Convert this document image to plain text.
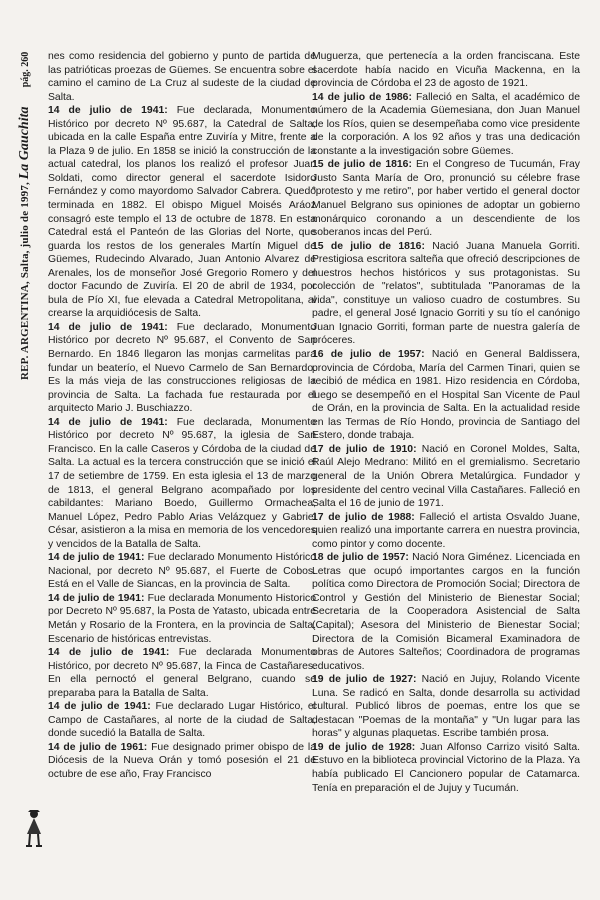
REP. ARGENTINA, Salta, julio de 1997, La Gauchita       pág. 260	nes como residencia del gobierno y punto de partida de las patrióticas proezas de Güemes. Se encuentra sobre el camino el camino de La Cruz al sudeste de la ciudad de Salta.

14 de julio de 1941: Fue declarada, Monumento Histórico por decreto Nº 95.687, la Catedral de Salta, ubicada en la calle España entre Zuviría y Mitre, frente a la Plaza 9 de julio. En 1858 se inició la construcción de la actual catedral, los planos los realizó el profesor Juan Soldati, como director general el sacerdote Isidoro Fernández y como mayordomo Salvador Cabrera. Quedó terminada en 1882. El obispo Miguel Moisés Aráoz consagró este templo el 13 de octubre de 1878. En esta Catedral está el Panteón de las Glorias del Norte, que guarda los restos de los generales Martín Miguel de Güemes, Rudecindo Alvarado, Juan Antonio Alvarez de Arenales, los de monseñor José Gregorio Romero y del doctor Facundo de Zuviría. El 20 de abril de 1934, por bula de Pío XI, fue elevada a Catedral Metropolitana, al crearse la arquidiócesis de Salta.

14 de julio de 1941: Fue declarado, Monumento Histórico por decreto Nº 95.687, el Convento de San Bernardo. En 1846 llegaron las monjas carmelitas para fundar un beaterío, el Nuevo Carmelo de San Bernardo. Es la más vieja de las construcciones religiosas de la provincia de Salta. La fachada fue restaurada por el arquitecto Mario J. Buschiazzo.

14 de julio de 1941: Fue declarada, Monumento Histórico por decreto Nº 95.687, la iglesia de San Francisco. En la calle Caseros y Córdoba de la ciudad de Salta. La actual es la tercera construcción que se inició el 17 de setiembre de 1759. En esta iglesia el 13 de marzo de 1813, el general Belgrano acompañado por los cabildantes: Mariano Boedo, Guillermo Ormachea, Manuel López, Pedro Pablo Arias Velázquez y Gabriel César, asistieron a la misa en memoria de los vencedores y vencidos de la Batalla de Salta.

14 de julio de 1941: Fue declarado Monumento Histórico Nacional, por decreto Nº 95.687, el Fuerte de Cobos. Está en el Valle de Siancas, en la provincia de Salta.

14 de julio de 1941: Fue declarada Monumento Historico por Decreto Nº 95.687, la Posta de Yatasto, ubicada entre Metán y Rosario de la Frontera, en la provincia de Salta. Escenario de históricas entrevistas.

14 de julio de 1941: Fue declarada Monumento Histórico, por decreto Nº 95.687, la Finca de Castañares. En ella pernoctó el general Belgrano, cuando se preparaba para la Batalla de Salta.

14 de julio de 1941: Fue declarado Lugar Histórico, el Campo de Castañares, al norte de la ciudad de Salta, donde sucedió la Batalla de Salta.

14 de julio de 1961: Fue designado primer obispo de la Diócesis de la Nueva Orán y tomó posesión el 21 de octubre de ese año, Fray Francisco

Muguerza, que pertenecía a la orden franciscana. Este sacerdote había nacido en Vicuña Mackenna, en la provincia de Córdoba el 23 de agosto de 1921.

14 de julio de 1986: Falleció en Salta, el académico de número de la Academia Güemesiana, don Juan Manuel de los Ríos, quien se desempeñaba como vice presidente de la corporación. A los 92 años y tras una dedicación constante a la investigación sobre Güemes.

15 de julio de 1816: En el Congreso de Tucumán, Fray Justo Santa María de Oro, pronunció su célebre frase "protesto y me retiro", por haber vertido el general doctor Manuel Belgrano sus opiniones de adoptar un gobierno monárquico coronando a un descendiente de los soberanos incas del Perú.

15 de julio de 1816: Nació Juana Manuela Gorriti. Prestigiosa escritora salteña que ofreció descripciones de nuestros hechos históricos y sus protagonistas. Su colección de "relatos", subtitulada "Panoramas de la vida", constituye un valioso cuadro de costumbres. Su padre, el general José Ignacio Gorriti y su tío el canónigo Juan Ignacio Gorriti, forman parte de nuestra galería de próceres.

16 de julio de 1957: Nació en General Baldissera, provincia de Córdoba, María del Carmen Tinari, quien se recibió de médica en 1981. Hizo residencia en Córdoba, luego se desempeñó en el Hospital San Vicente de Paul de Orán, en la provincia de Salta. En la actualidad reside en las Termas de Río Hondo, provincia de Santiago del Estero, donde trabaja.

17 de julio de 1910: Nació en Coronel Moldes, Salta, Raúl Alejo Medrano: Militó en el gremialismo. Secretario general de la Unión Obrera Metalúrgica. Fundador y presidente del centro vecinal Villa Castañares. Falleció en Salta el 16 de junio de 1971.

17 de julio de 1988: Falleció el artista Osvaldo Juane, quien realizó una importante carrera en nuestra provincia, como pintor y como docente.

18 de julio de 1957: Nació Nora Giménez. Licenciada en Letras que ocupó importantes cargos en la función política como Directora de Promoción Social; Directora de Control y Gestión del Ministerio de Bienestar Social; Secretaria de la Cooperadora Asistencial de Salta (Capital); Asesora del Ministerio de Bienestar Social; Directora de la Comisión Bicameral Examinadora de obras de Autores Salteños; Coordinadora de programas educativos.

19 de julio de 1927: Nació en Jujuy, Rolando Vicente Luna. Se radicó en Salta, donde desarrolla su actividad cultural. Publicó libros de poemas, entre los que se destacan "Poemas de la montaña" y "Un lugar para las horas" y algunas plaquetas. Escribe también prosa.

19 de julio de 1928: Juan Alfonso Carrizo visitó Salta. Estuvo en la biblioteca provincial Victorino de la Plaza. Ya había publicado El Cancionero popular de Catamarca. Tenía en preparación el de Jujuy y Tucumán.
